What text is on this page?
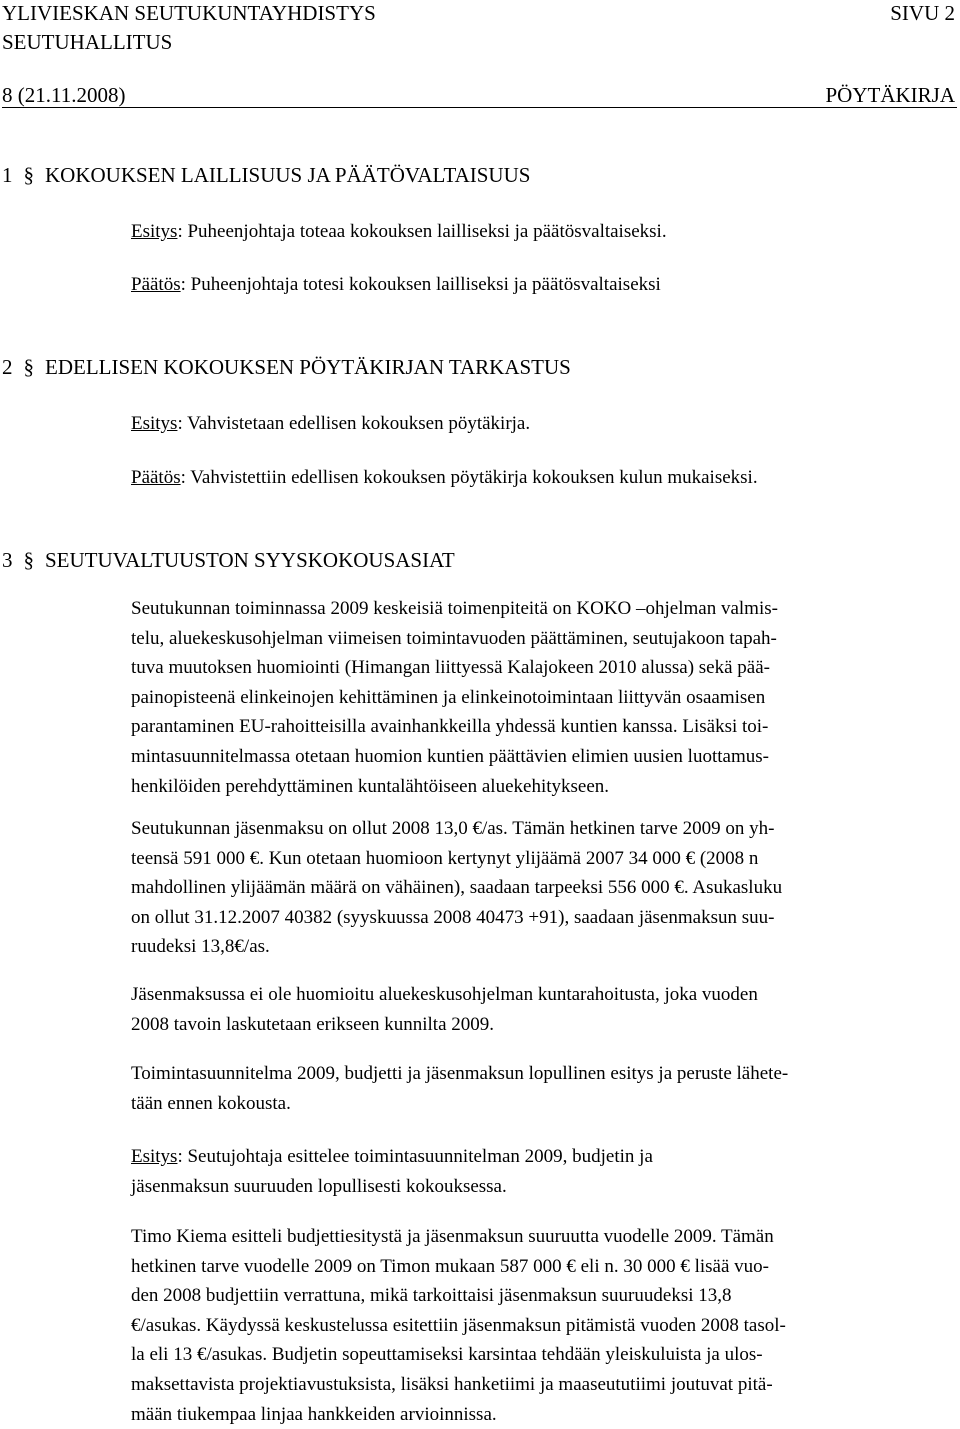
YLIVIESKAN SEUTUKUNTAYHDISTYS	SIVU 2
SEUTUHALLITUS
8 (21.11.2008)	PÖYTÄKIRJA
1 § KOKOUKSEN LAILLISUUS JA PÄÄTÖVALTAISUUS
Esitys: Puheenjohtaja toteaa kokouksen lailliseksi ja päätösvaltaiseksi.
Päätös: Puheenjohtaja totesi kokouksen lailliseksi ja päätösvaltaiseksi
2 § EDELLISEN KOKOUKSEN PÖYTÄKIRJAN TARKASTUS
Esitys: Vahvistetaan edellisen kokouksen pöytäkirja.
Päätös: Vahvistettiin edellisen kokouksen pöytäkirja kokouksen kulun mukaiseksi.
3 § SEUTUVALTUUSTON SYYSKOKOUSASIAT
Seutukunnan toiminnassa 2009 keskeisiä toimenpiteitä on KOKO –ohjelman valmis-
telu, aluekeskusohjelman viimeisen toimintavuoden päättäminen, seutujakoon tapah-
tuva muutoksen huomiointi (Himangan liittyessä Kalajokeen 2010 alussa) sekä pää-
painopisteenä elinkeinojen kehittäminen ja elinkeinotoimintaan liittyvän osaamisen
parantaminen EU-rahoitteisilla avainhankkeilla yhdessä kuntien kanssa. Lisäksi toi-
mintasuunnitelmassa otetaan huomion kuntien päättävien elimien uusien luottamus-
henkilöiden perehdyttäminen kuntalähtöiseen aluekehitykseen.
Seutukunnan jäsenmaksu on ollut 2008 13,0 €/as. Tämän hetkinen tarve 2009 on yh-
teensä 591 000 €. Kun otetaan huomioon kertynyt ylijäämä 2007 34 000 € (2008 n
mahdollinen ylijäämän määrä on vähäinen), saadaan tarpeeksi 556 000 €. Asukasluku
on ollut 31.12.2007 40382 (syyskuussa 2008 40473 +91), saadaan jäsenmaksun suu-
ruudeksi 13,8€/as.
Jäsenmaksussa ei ole huomioitu aluekeskusohjelman kuntarahoitusta, joka vuoden
2008 tavoin laskutetaan erikseen kunnilta 2009.
Toimintasuunnitelma 2009, budjetti ja jäsenmaksun lopullinen esitys ja peruste lähete-
tään ennen kokousta.
Esitys: Seutujohtaja esittelee toimintasuunnitelman 2009, budjetin ja
jäsenmaksun suuruuden lopullisesti kokouksessa.
Timo Kiema esitteli budjettiesitystä ja jäsenmaksun suuruutta vuodelle 2009. Tämän
hetkinen tarve vuodelle 2009 on Timon mukaan 587 000 € eli n. 30 000 € lisää vuo-
den 2008 budjettiin verrattuna, mikä tarkoittaisi jäsenmaksun suuruudeksi 13,8
€/asukas. Käydyssä keskustelussa esitettiin jäsenmaksun pitämistä vuoden 2008 tasol-
la eli 13 €/asukas. Budjetin sopeuttamiseksi karsintaa tehdään yleiskuluista ja ulos-
maksettavista projektiavustuksista, lisäksi hanketiimi ja maaseututiimi joutuvat pitä-
mään tiukempaa linjaa hankkeiden arvioinnissa.
